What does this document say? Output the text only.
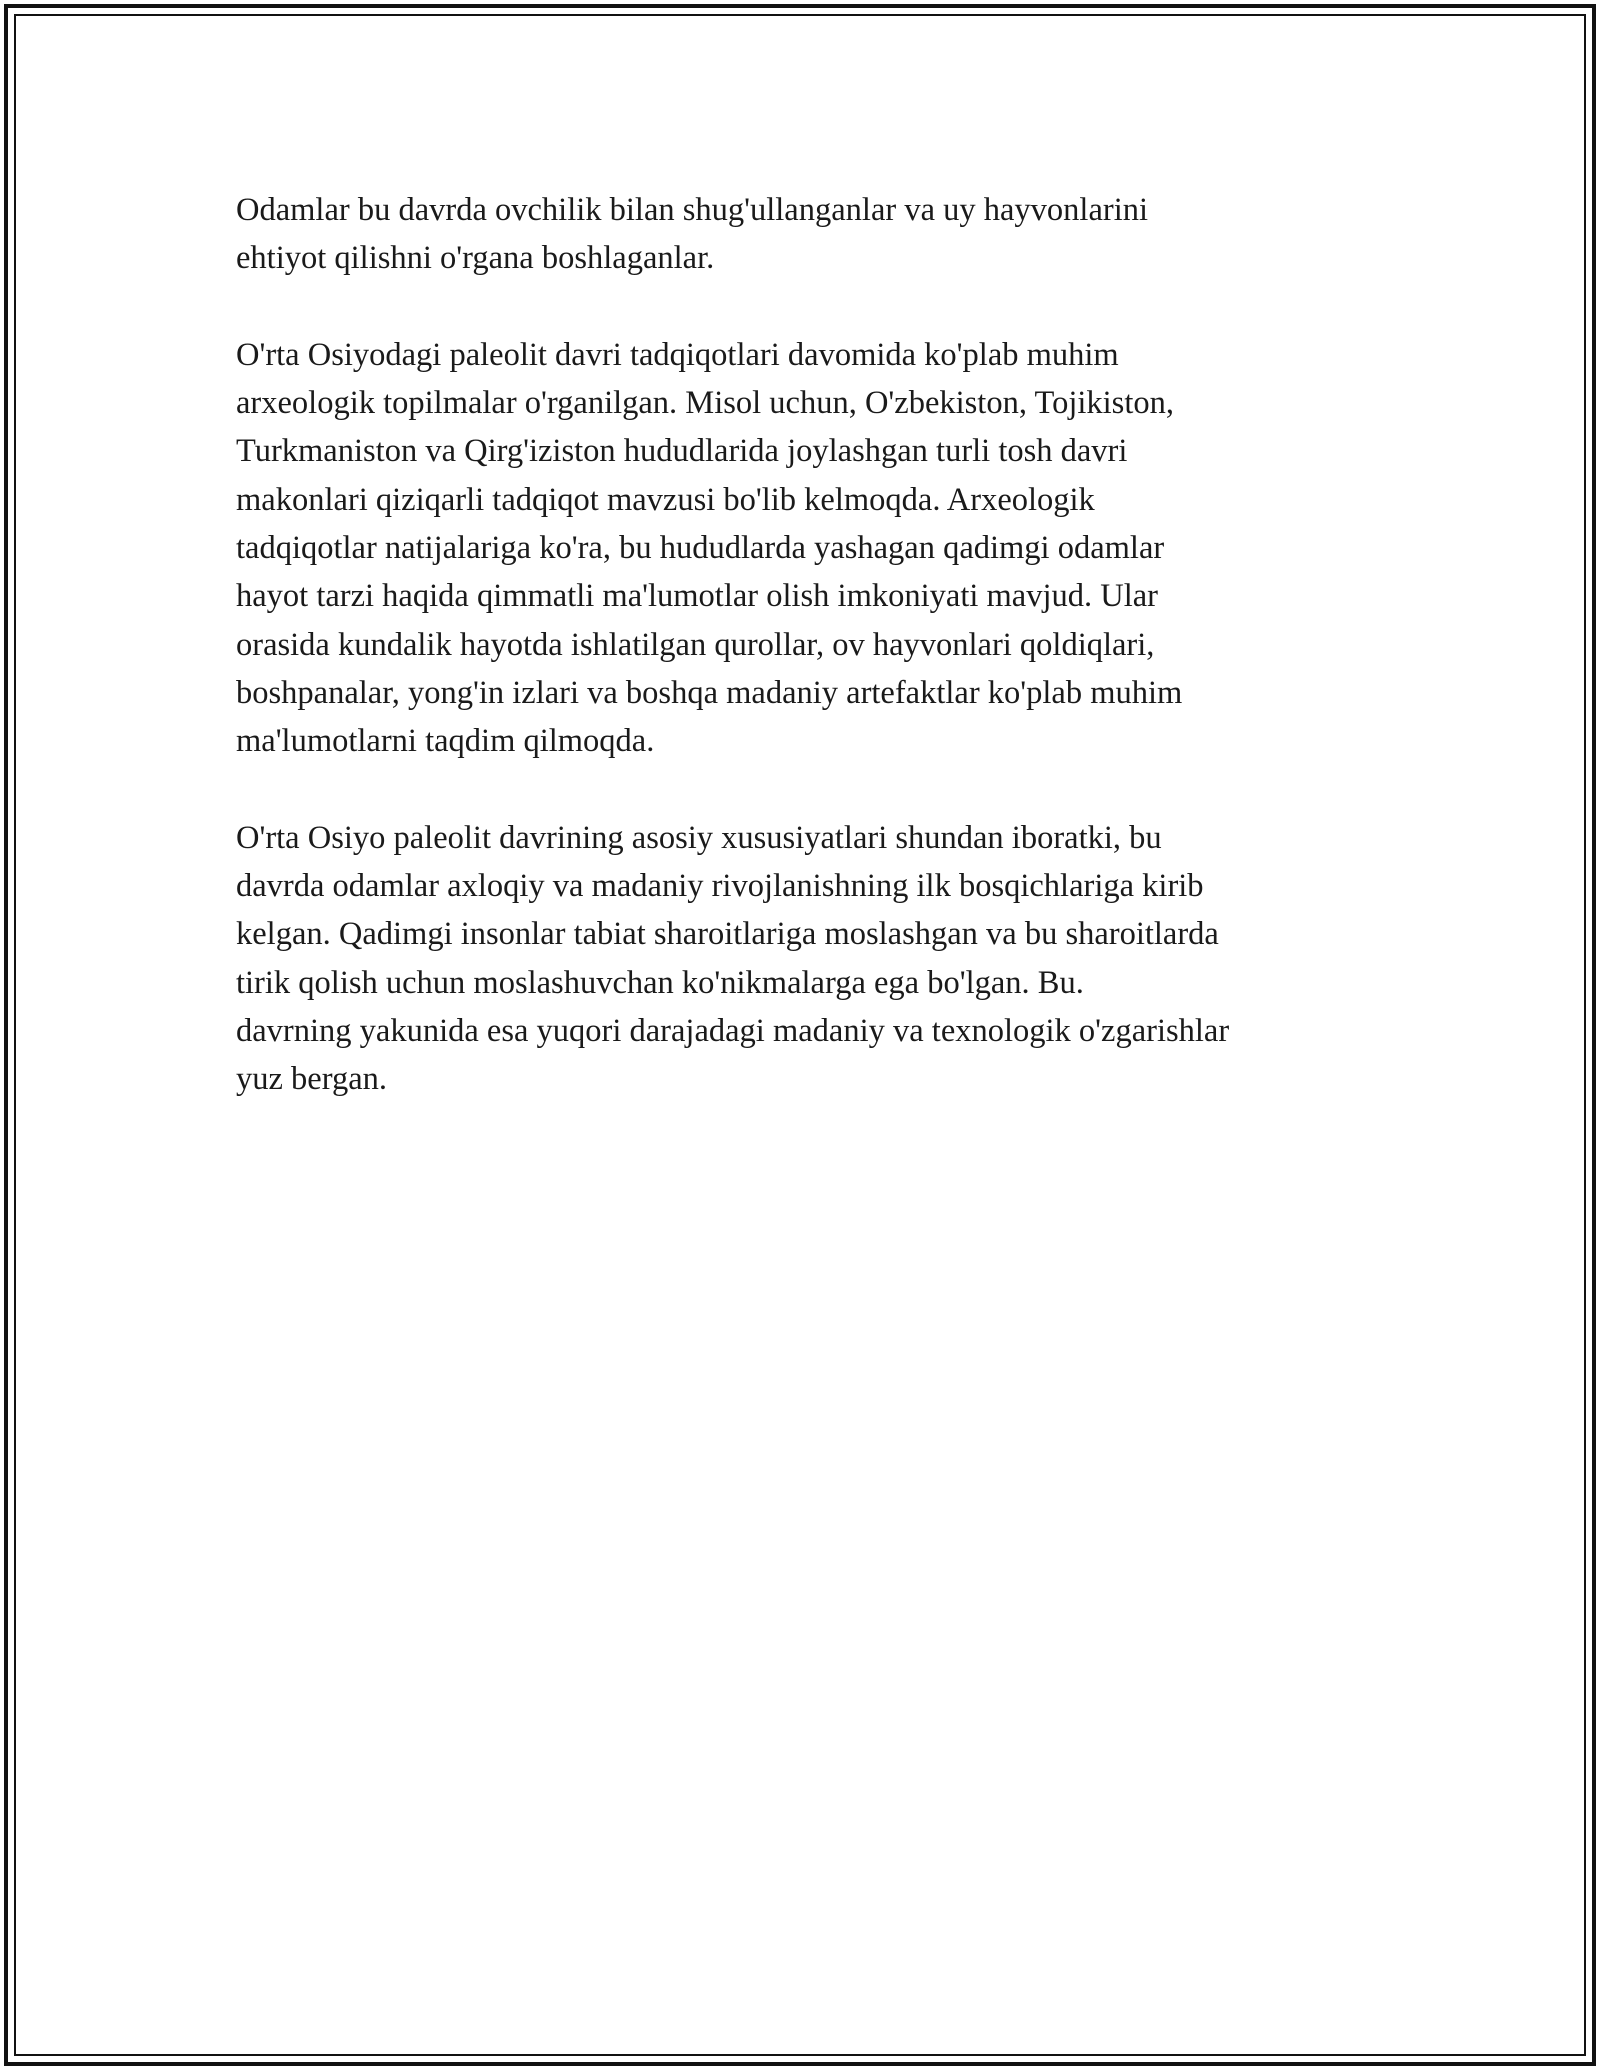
Odamlar bu davrda ovchilik bilan shug'ullanganlar va uy hayvonlarini
ehtiyot qilishni o'rgana boshlaganlar.

O'rta Osiyodagi paleolit davri tadqiqotlari davomida ko'plab muhim
arxeologik topilmalar o'rganilgan. Misol uchun, O'zbekiston, Tojikiston,
Turkmaniston va Qirg'iziston hududlarida joylashgan turli tosh davri
makonlari qiziqarli tadqiqot mavzusi bo'lib kelmoqda. Arxeologik
tadqiqotlar natijalariga ko'ra, bu hududlarda yashagan qadimgi odamlar
hayot tarzi haqida qimmatli ma'lumotlar olish imkoniyati mavjud. Ular
orasida kundalik hayotda ishlatilgan qurollar, ov hayvonlari qoldiqlari,
boshpanalar, yong'in izlari va boshqa madaniy artefaktlar ko'plab muhim
ma'lumotlarni taqdim qilmoqda.

O'rta Osiyo paleolit davrining asosiy xususiyatlari shundan iboratki, bu
davrda odamlar axloqiy va madaniy rivojlanishning ilk bosqichlariga kirib
kelgan. Qadimgi insonlar tabiat sharoitlariga moslashgan va bu sharoitlarda
tirik qolish uchun moslashuvchan ko'nikmalarga ega bo'lgan. Bu.
davrning yakunida esa yuqori darajadagi madaniy va texnologik o'zgarishlar
yuz bergan.
